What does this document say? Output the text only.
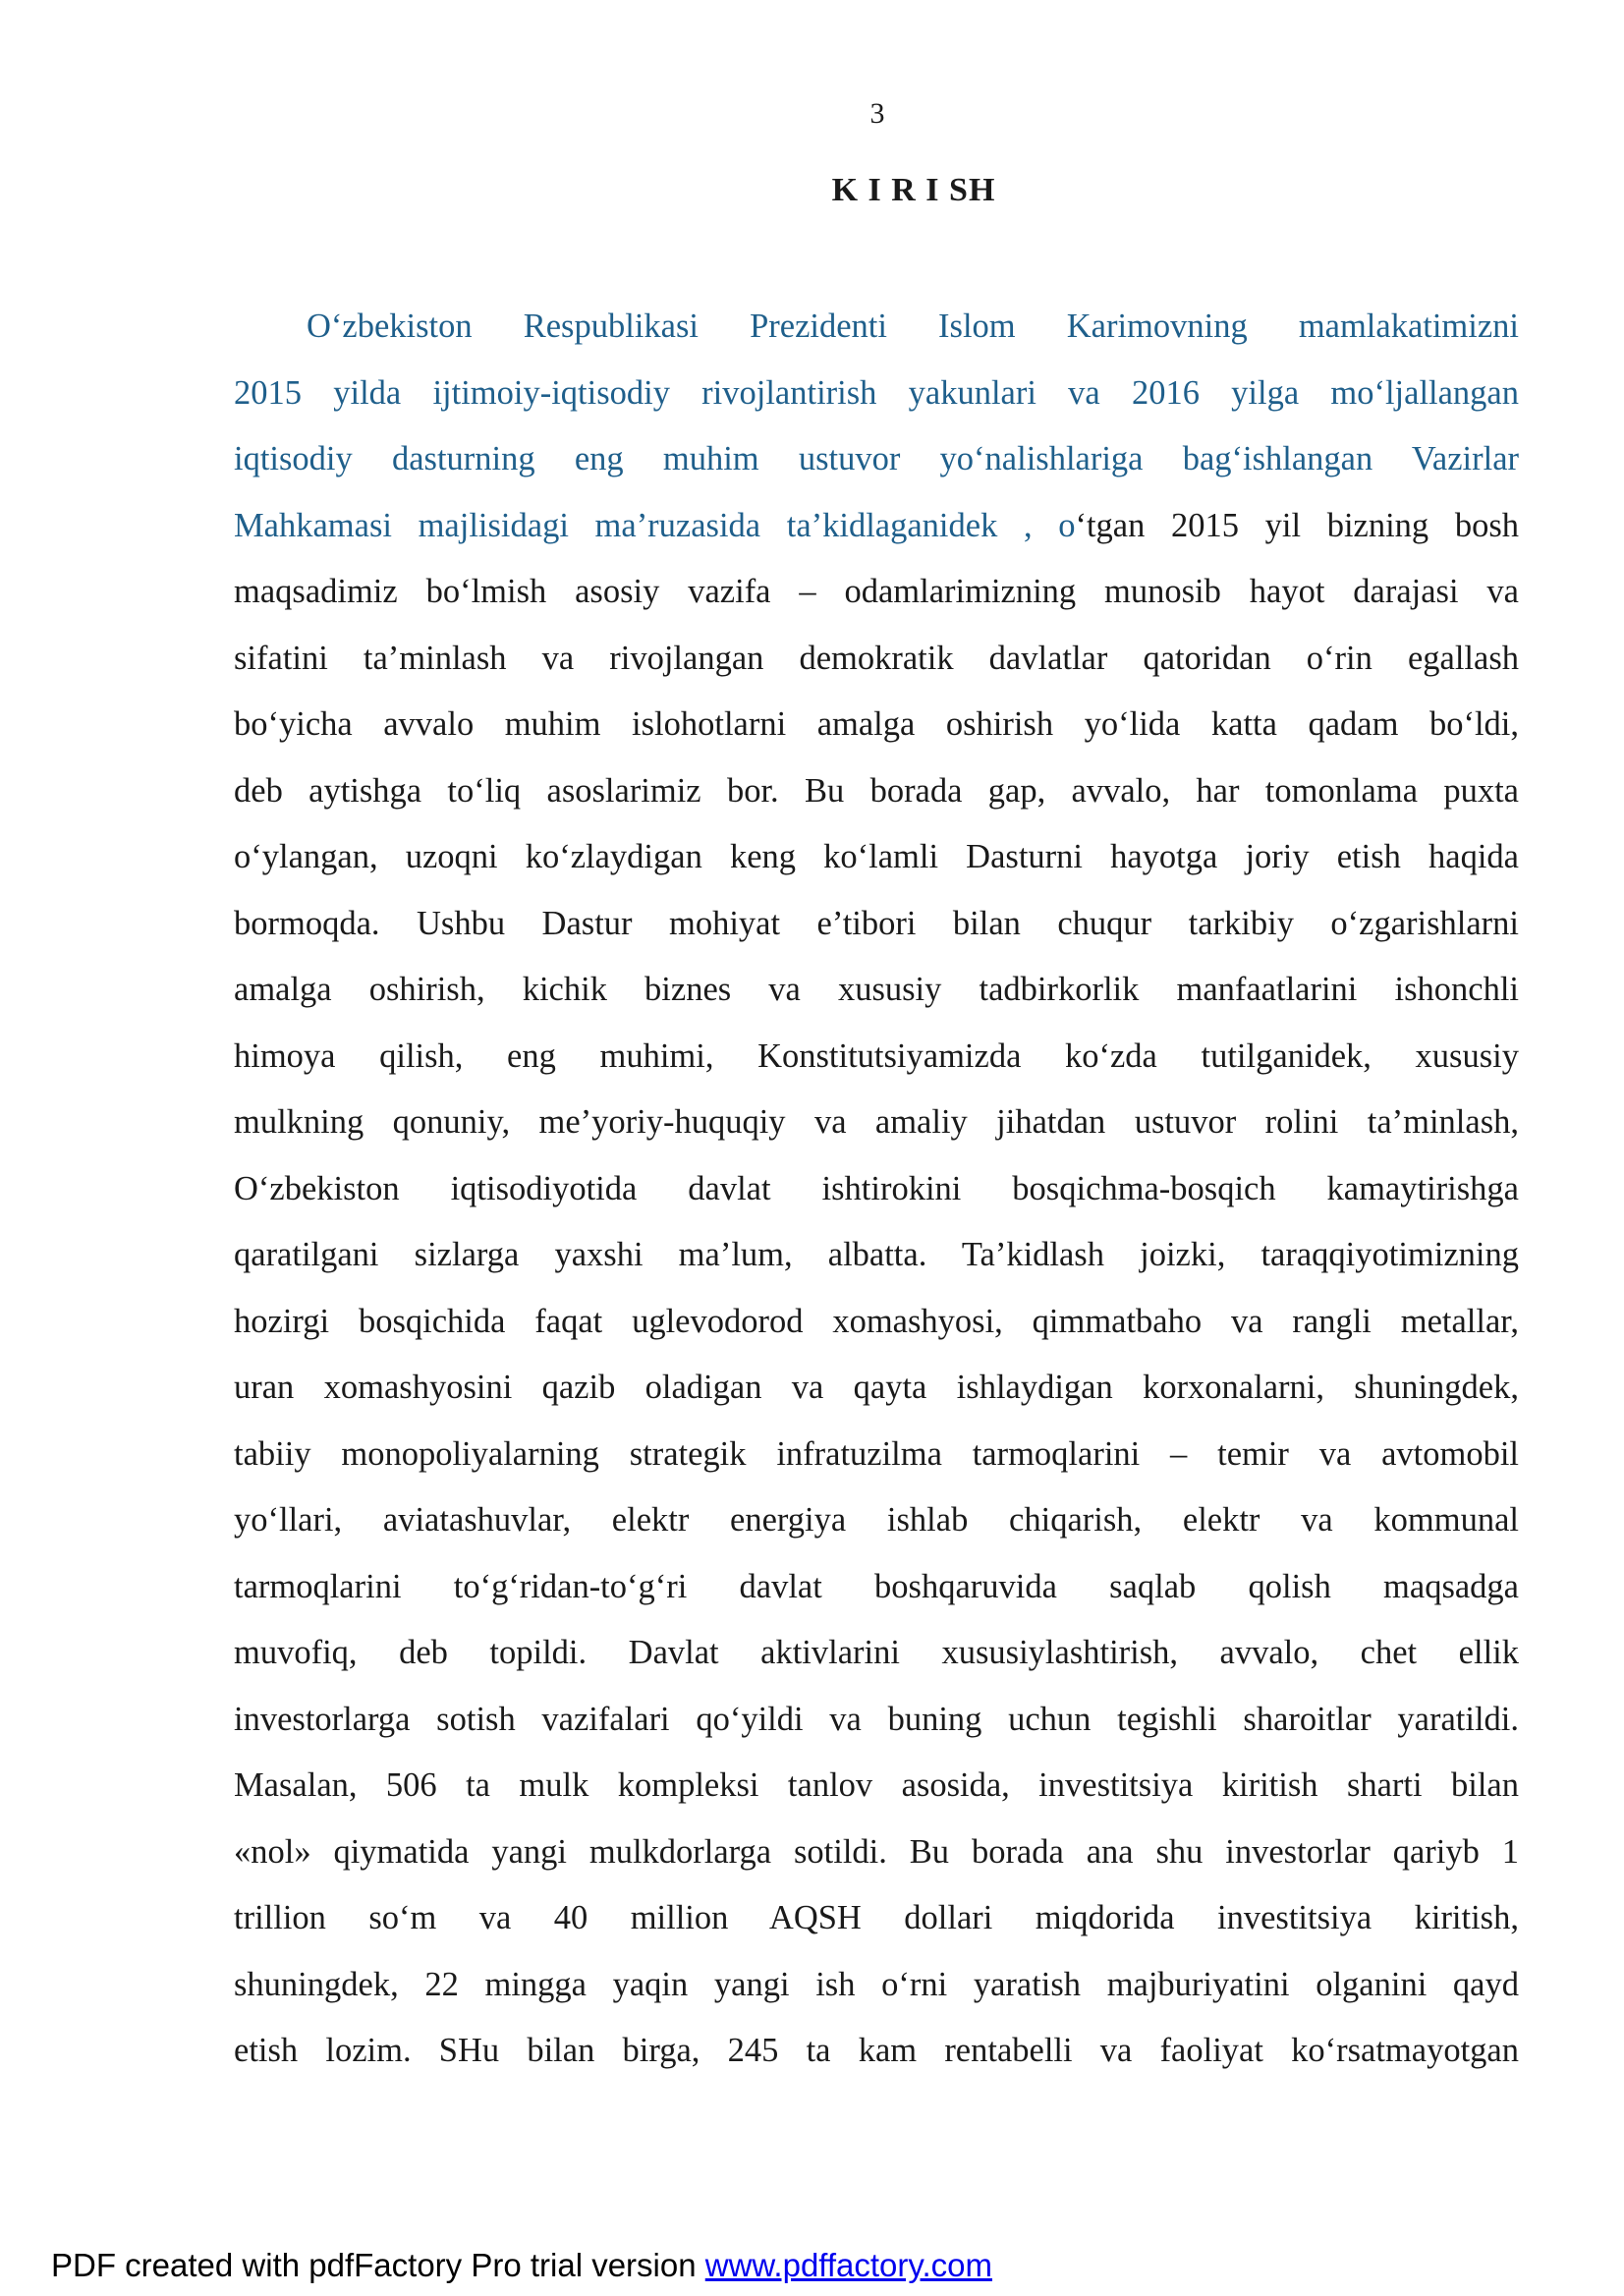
3
K I R I SH
O‘zbekiston Respublikasi Prezidenti Islom Karimovning mamlakatimizni
2015 yilda ijtimoiy-iqtisodiy rivojlantirish yakunlari va 2016 yilga mo‘ljallangan
iqtisodiy dasturning eng muhim ustuvor yo‘nalishlariga bag‘ishlangan Vazirlar
Mahkamasi majlisidagi ma’ruzasida ta’kidlaganidek , o‘tgan 2015 yil bizning bosh
maqsadimiz bo‘lmish asosiy vazifa – odamlarimizning munosib hayot darajasi va
sifatini ta’minlash va rivojlangan demokratik davlatlar qatoridan o‘rin egallash
bo‘yicha avvalo muhim islohotlarni amalga oshirish yo‘lida katta qadam bo‘ldi,
deb aytishga to‘liq asoslarimiz bor. Bu borada gap, avvalo, har tomonlama puxta
o‘ylangan, uzoqni ko‘zlaydigan keng ko‘lamli Dasturni hayotga joriy etish haqida
bormoqda. Ushbu Dastur mohiyat e’tibori bilan chuqur tarkibiy o‘zgarishlarni
amalga oshirish, kichik biznes va xususiy tadbirkorlik manfaatlarini ishonchli
himoya qilish, eng muhimi, Konstitutsiyamizda ko‘zda tutilganidek, xususiy
mulkning qonuniy, me’yoriy-huquqiy va amaliy jihatdan ustuvor rolini ta’minlash,
O‘zbekiston iqtisodiyotida davlat ishtirokini bosqichma-bosqich kamaytirishga
qaratilgani sizlarga yaxshi ma’lum, albatta. Ta’kidlash joizki, taraqqiyotimizning
hozirgi bosqichida faqat uglevodorod xomashyosi, qimmatbaho va rangli metallar,
uran xomashyosini qazib oladigan va qayta ishlaydigan korxonalarni, shuningdek,
tabiiy monopoliyalarning strategik infratuzilma tarmoqlarini – temir va avtomobil
yo‘llari, aviatashuvlar, elektr energiya ishlab chiqarish, elektr va kommunal
tarmoqlarini to‘g‘ridan-to‘g‘ri davlat boshqaruvida saqlab qolish maqsadga
muvofiq, deb topildi. Davlat aktivlarini xususiylashtirish, avvalo, chet ellik
investorlarga sotish vazifalari qo‘yildi va buning uchun tegishli sharoitlar yaratildi.
Masalan, 506 ta mulk kompleksi tanlov asosida, investitsiya kiritish sharti bilan
«nol» qiymatida yangi mulkdorlarga sotildi. Bu borada ana shu investorlar qariyb 1
trillion so‘m va 40 million AQSH dollari miqdorida investitsiya kiritish,
shuningdek, 22 mingga yaqin yangi ish o‘rni yaratish majburiyatini olganini qayd
etish lozim. SHu bilan birga, 245 ta kam rentabelli va faoliyat ko‘rsatmayotgan
PDF created with pdfFactory Pro trial version www.pdffactory.com
